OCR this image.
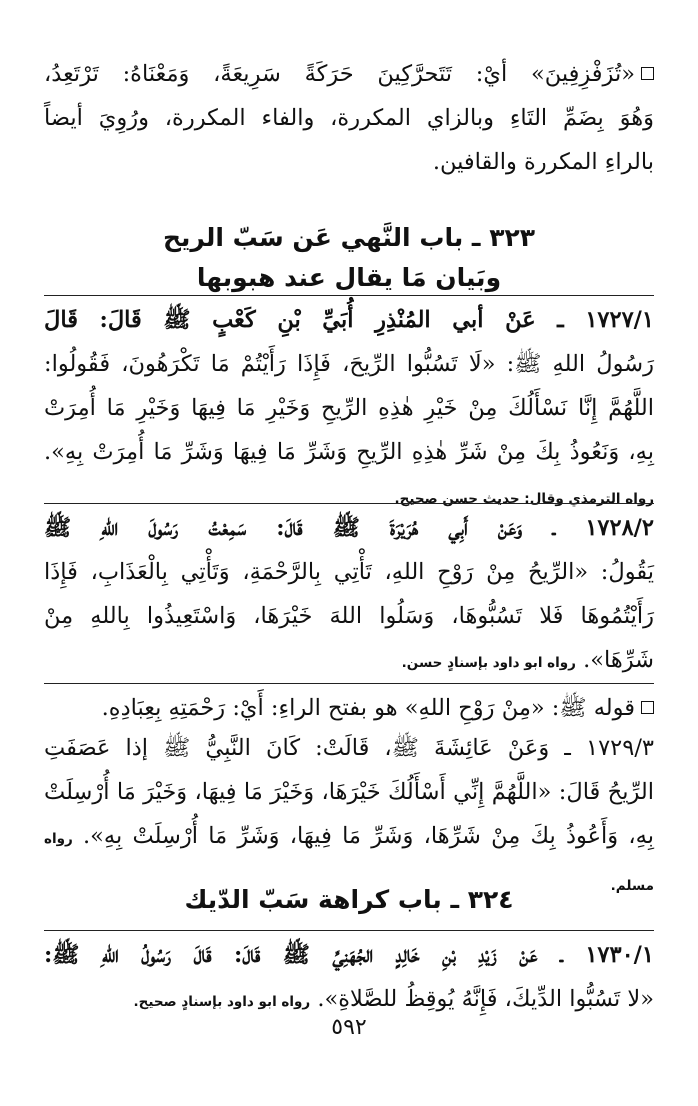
«تُزَفْزِفِينَ» أيْ: تَتَحرَّكِينَ حَرَكَةً سَرِيعَةً، وَمَعْنَاهُ: تَرْتَعِدُ،
وَهُوَ بِضَمِّ التَاءِ وبالزاي المكررة، والفاء المكررة، ورُوِيَ أيضاً
بالراءِ المكررة والقافين.
٣٢٣ ـ باب النَّهي عَن سَبّ الريح
وبَيان مَا يقال عند هبوبها
١٧٢٧/١ ـ عَنْ أبي المُنْذِرِ أُبَيِّ بْنِ كَعْبٍ ﷺ قَالَ: قَالَ
رَسُولُ اللهِ ﷺ: «لَا تَسُبُّوا الرِّيحَ، فَإِذَا رَأَيْتُمْ مَا تَكْرَهُونَ، فَقُولُوا:
اللَّهُمَّ إِنَّا نَسْأَلُكَ مِنْ خَيْرِ هٰذِهِ الرِّيحِ وَخَيْرِ مَا فِيهَا وَخَيْرِ مَا أُمِرَتْ
بِهِ، وَنَعُوذُ بِكَ مِنْ شَرِّ هٰذِهِ الرِّيحِ وَشَرِّ مَا فِيهَا وَشَرِّ مَا أُمِرَتْ بِهِ».
رواه الترمذي وقال: حديث حسن صحيح.
١٧٢٨/٢ ـ وَعَنْ أَبِي هُرَيْرَةَ ﷺ قَالَ: سَمِعْتُ رَسُولَ اللهِ ﷺ
يَقُولُ: «الرِّيحُ مِنْ رَوْحِ اللهِ، تَأْتِي بِالرَّحْمَةِ، وَتَأْتِي بِالْعَذَابِ، فَإِذَا
رَأَيْتُمُوهَا فَلا تَسُبُّوهَا، وَسَلُوا اللهَ خَيْرَهَا، وَاسْتَعِيذُوا بِاللهِ مِنْ
شَرِّهَا». رواه ابو داود بإسنادٍ حسن.
قوله ﷺ: «مِنْ رَوْحِ اللهِ» هو بفتح الراءِ: أَيْ: رَحْمَتِهِ بِعِبَادِهِ.
١٧٢٩/٣ ـ وَعَنْ عَائِشَةَ ﷺ، قَالَتْ: كَانَ النَّبِيُّ ﷺ إذا عَصَفَتِ
الرِّيحُ قَالَ: «اللَّهُمَّ إِنِّي أَسْأَلُكَ خَيْرَهَا، وَخَيْرَ مَا فِيهَا، وَخَيْرَ مَا أُرْسِلَتْ
بِهِ، وَأَعُوذُ بِكَ مِنْ شَرِّهَا، وَشَرِّ مَا فِيهَا، وَشَرِّ مَا أُرْسِلَتْ بِهِ». رواه مسلم.
٣٢٤ ـ باب كراهة سَبّ الدّيك
١٧٣٠/١ ـ عَنْ زَيْدِ بْنِ خَالِدٍ الجُهَنِيِّ ﷺ قَالَ: قَالَ رَسُولُ اللهِ ﷺ:
«لا تَسُبُّوا الدِّيكَ، فَإِنَّهُ يُوقِظُ للصَّلاةِ». رواه ابو داود بإسنادٍ صحيح.
٥٩٢
